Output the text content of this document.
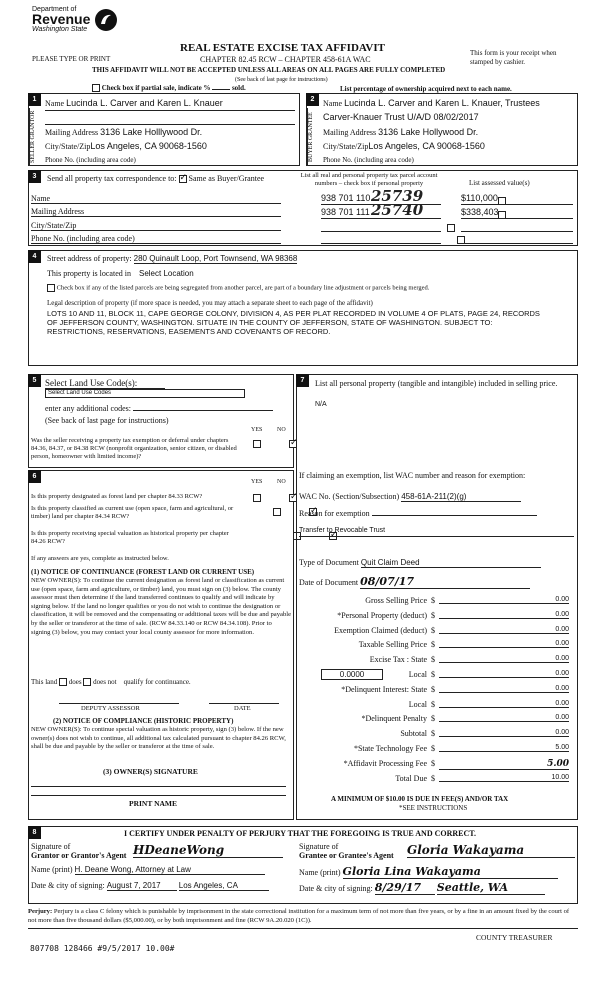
Department of
Revenue
Washington State
PLEASE TYPE OR PRINT
REAL ESTATE EXCISE TAX AFFIDAVIT
CHAPTER 82.45 RCW – CHAPTER 458-61A WAC
This form is your receipt when stamped by cashier.
THIS AFFIDAVIT WILL NOT BE ACCEPTED UNLESS ALL AREAS ON ALL PAGES ARE FULLY COMPLETED
(See back of last page for instructions)
Check box if partial sale, indicate %	sold.	List percentage of ownership acquired next to each name.
1
SELLER GRANTOR
Name Lucinda L. Carver and Karen L. Knauer
Mailing Address 3136 Lake Holllywood Dr.
City/State/ZipLos Angeles, CA 90068-1560
Phone No. (including area code)
2
BUYER GRANTEE
Name Lucinda L. Carver and Karen L. Knauer, Trustees
Carver-Knauer Trust U/A/D 08/02/2017
Mailing Address 3136 Lake Hollywood Dr.
City/State/ZipLos Angeles, CA 90068-1560
Phone No. (including area code)
3	Send all property tax correspondence to: ✓ Same as Buyer/Grantee
Name
Mailing Address
City/State/Zip
Phone No. (including area code)
List all real and personal property tax parcel account numbers – check box if personal property	List assessed value(s)
938 701 110 25739	$110,000
938 701 111 25740	$338,403

4	Street address of property: 280 Quinault Loop, Port Townsend, WA 98368
This property is located in Select Location
Check box if any of the listed parcels are being segregated from another parcel, are part of a boundary line adjustment or parcels being merged.
Legal description of property (if more space is needed, you may attach a separate sheet to each page of the affidavit)
LOTS 10 AND 11, BLOCK 11, CAPE GEORGE COLONY, DIVISION 4, AS PER PLAT RECORDED IN VOLUME 4 OF PLATS, PAGE 24, RECORDS OF JEFFERSON COUNTY, WASHINGTON. SITUATE IN THE COUNTY OF JEFFERSON, STATE OF WASHINGTON. SUBJECT TO: RESTRICTIONS, RESERVATIONS, EASEMENTS AND COVENANTS OF RECORD.
5 Select Land Use Code(s):
Select Land Use Codes
enter any additional codes:
(See back of last page for instructions)
YES NO
Was the seller receiving a property tax exemption or deferral under chapters 84.36, 84.37, or 84.38 RCW (nonprofit organization, senior citizen, or disabled person, homeowner with limited income)?
✓
6
YES NO
Is this property designated as forest land per chapter 84.33 RCW?
✓
Is this property classified as current use (open space, farm and agricultural, or timber) land per chapter 84.34 RCW?
✓
Is this property receiving special valuation as historical property per chapter 84.26 RCW?
✓
If any answers are yes, complete as instructed below.
(1) NOTICE OF CONTINUANCE (FOREST LAND OR CURRENT USE)
NEW OWNER(S): To continue the current designation as forest land or classification as current use (open space, farm and agriculture, or timber) land, you must sign on (3) below. The county assessor must then determine if the land transferred continues to qualify and will indicate by signing below. If the land no longer qualifies or you do not wish to continue the designation or classification, it will be removed and the compensating or additional taxes will be due and payable by the seller or transferor at the time of sale. (RCW 84.33.140 or RCW 84.34.108). Prior to signing (3) below, you may contact your local county assessor for more information.
This land does does not qualify for continuance.
DEPUTY ASSESSOR	DATE
(2) NOTICE OF COMPLIANCE (HISTORIC PROPERTY)
NEW OWNER(S): To continue special valuation as historic property, sign (3) below. If the new owner(s) does not wish to continue, all additional tax calculated pursuant to chapter 84.26 RCW, shall be due and payable by the seller or transferor at the time of sale.
(3) OWNER(S) SIGNATURE
PRINT NAME
7	List all personal property (tangible and intangible) included in selling price.
N/A
If claiming an exemption, list WAC number and reason for exemption:
WAC No. (Section/Subsection) 458-61A-211(2)(g)
Reason for exemption
Transfer to Revocable Trust
Type of Document Quit Claim Deed
Date of Document 08/07/17
Gross Selling Price $	0.00
*Personal Property (deduct) $	0.00
Exemption Claimed (deduct) $	0.00
Taxable Selling Price $	0.00
Excise Tax : State $	0.00
0.0000	Local $	0.00
*Delinquent Interest: State $	0.00
Local $	0.00
*Delinquent Penalty $	0.00
Subtotal $	0.00
*State Technology Fee $	5.00
*Affidavit Processing Fee $	5.00
Total Due $	10.00
A MINIMUM OF $10.00 IS DUE IN FEE(S) AND/OR TAX
*SEE INSTRUCTIONS
8	I CERTIFY UNDER PENALTY OF PERJURY THAT THE FOREGOING IS TRUE AND CORRECT.
Signature of
Grantor or Grantor's Agent HDeaneWong
Name (print) H. Deane Wong, Attorney at Law
Date & city of signing: August 7, 2017 Los Angeles, CA
Signature of
Grantee or Grantee's Agent Gloria Wakayama
Name (print) Gloria Lina Wakayama
Date & city of signing: 8/29/17 Seattle, WA
Perjury: Perjury is a class C felony which is punishable by imprisonment in the state correctional institution for a maximum term of not more than five years, or by a fine in an amount fixed by the court of not more than five thousand dollars ($5,000.00), or by both imprisonment and fine (RCW 9A.20.020 (1C)).
COUNTY TREASURER
807708 128466 #9/5/2017 10.00#
